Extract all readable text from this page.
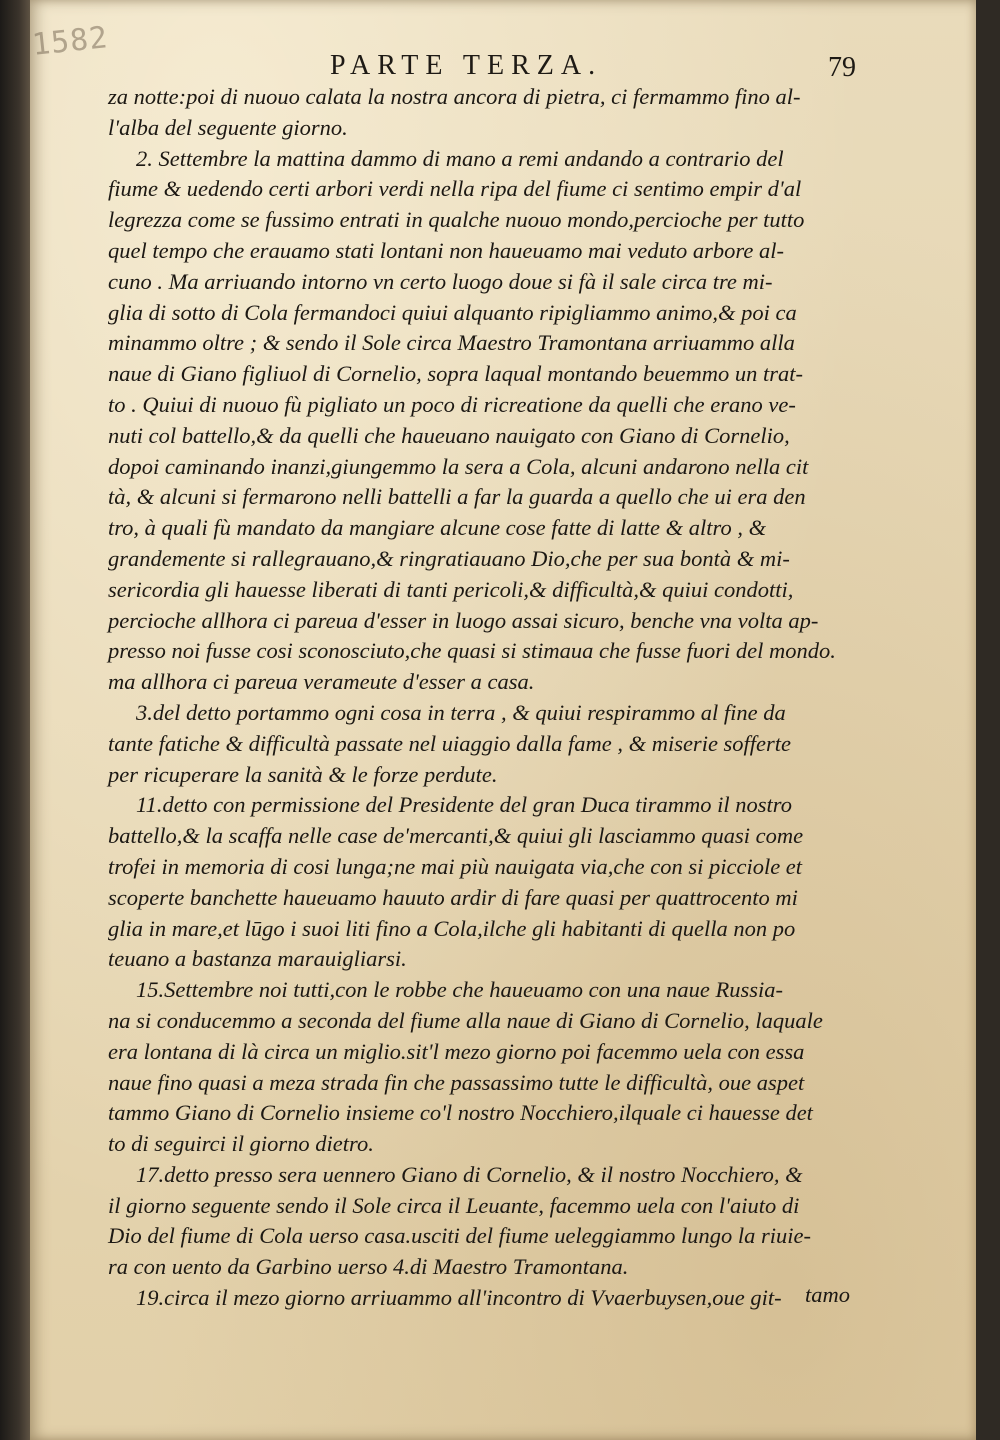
1582
PARTE TERZA.	79
za notte:poi di nuouo calata la nostra ancora di pietra, ci fermammo fino al-
l'alba del seguente giorno.
2. Settembre la mattina dammo di mano a remi andando a contrario del
fiume & uedendo certi arbori verdi nella ripa del fiume ci sentimo empir d'al
legrezza come se fussimo entrati in qualche nuouo mondo,percioche per tutto
quel tempo che erauamo stati lontani non haueuamo mai veduto arbore al-
cuno . Ma arriuando intorno vn certo luogo doue si fà il sale circa tre mi-
glia di sotto di Cola fermandoci quiui alquanto ripigliammo animo,& poi ca
minammo oltre ; & sendo il Sole circa Maestro Tramontana arriuammo alla
naue di Giano figliuol di Cornelio, sopra laqual montando beuemmo un trat-
to . Quiui di nuouo fù pigliato un poco di ricreatione da quelli che erano ve-
nuti col battello,& da quelli che haueuano nauigato con Giano di Cornelio,
dopoi caminando inanzi,giungemmo la sera a Cola, alcuni andarono nella cit
tà, & alcuni si fermarono nelli battelli a far la guarda a quello che ui era den
tro, à quali fù mandato da mangiare alcune cose fatte di latte & altro , &
grandemente si rallegrauano,& ringratiauano Dio,che per sua bontà & mi-
sericordia gli hauesse liberati di tanti pericoli,& difficultà,& quiui condotti,
percioche allhora ci pareua d'esser in luogo assai sicuro, benche vna volta ap-
presso noi fusse cosi sconosciuto,che quasi si stimaua che fusse fuori del mondo.
ma allhora ci pareua verameute d'esser a casa.
3.del detto portammo ogni cosa in terra , & quiui respirammo al fine da
tante fatiche & difficultà passate nel uiaggio dalla fame , & miserie sofferte
per ricuperare la sanità & le forze perdute.
11.detto con permissione del Presidente del gran Duca tirammo il nostro
battello,& la scaffa nelle case de'mercanti,& quiui gli lasciammo quasi come
trofei in memoria di cosi lunga;ne mai più nauigata via,che con si picciole et
scoperte banchette haueuamo hauuto ardir di fare quasi per quattrocento mi
glia in mare,et lūgo i suoi liti fino a Cola,ilche gli habitanti di quella non po
teuano a bastanza marauigliarsi.
15.Settembre noi tutti,con le robbe che haueuamo con una naue Russia-
na si conducemmo a seconda del fiume alla naue di Giano di Cornelio, laquale
era lontana di là circa un miglio.sit'l mezo giorno poi facemmo uela con essa
naue fino quasi a meza strada fin che passassimo tutte le difficultà, oue aspet
tammo Giano di Cornelio insieme co'l nostro Nocchiero,ilquale ci hauesse det
to di seguirci il giorno dietro.
17.detto presso sera uennero Giano di Cornelio, & il nostro Nocchiero, &
il giorno seguente sendo il Sole circa il Leuante, facemmo uela con l'aiuto di
Dio del fiume di Cola uerso casa.usciti del fiume ueleggiammo lungo la riuie-
ra con uento da Garbino uerso 4.di Maestro Tramontana.
19.circa il mezo giorno arriuammo all'incontro di Vvaerbuysen,oue git-	tamo
